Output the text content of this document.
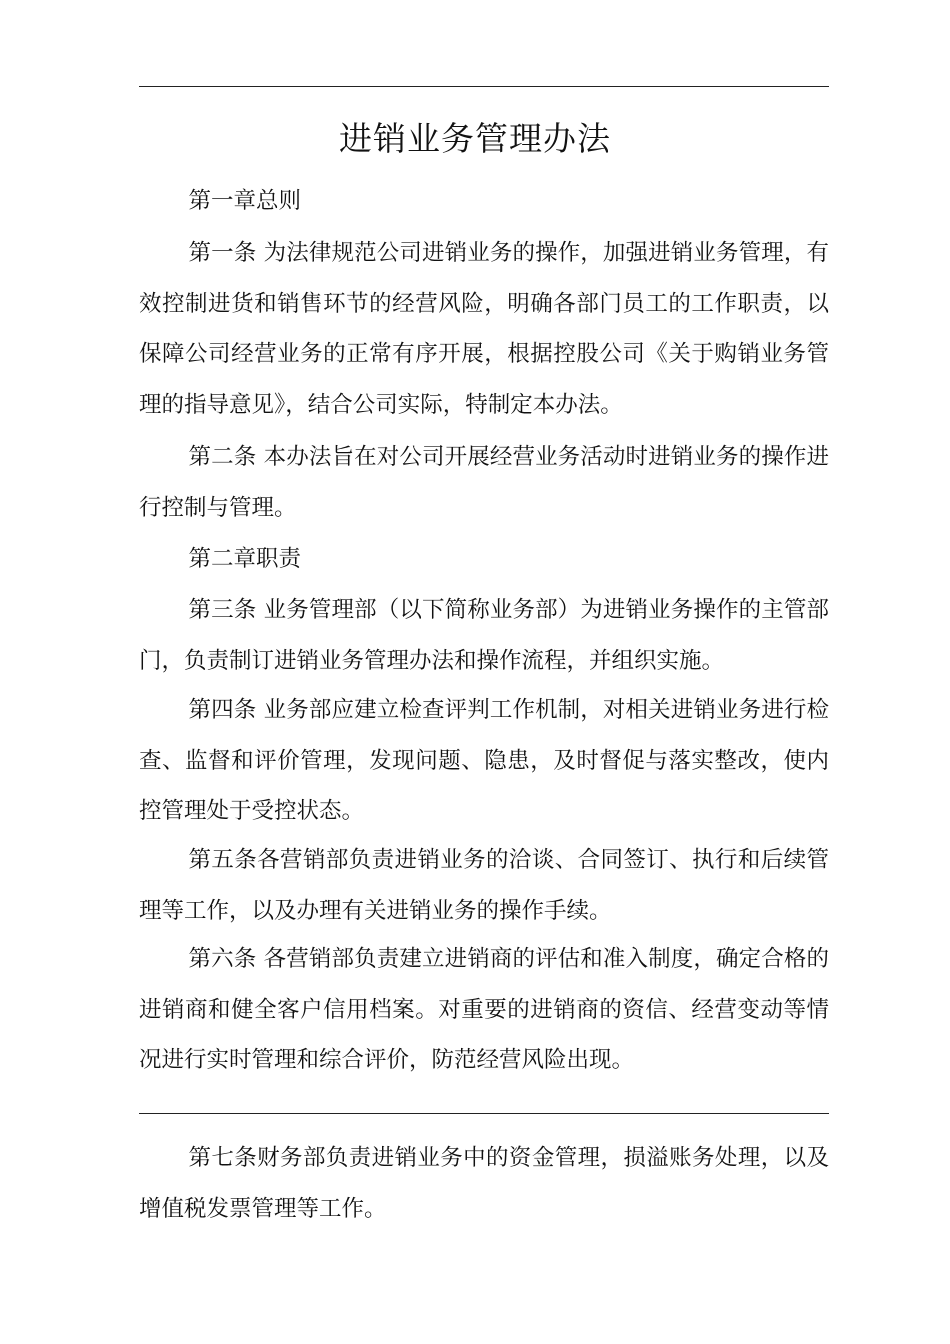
进销业务管理办法

第一章总则

第一条 为法律规范公司进销业务的操作，加强进销业务管理，有效控制进货和销售环节的经营风险，明确各部门员工的工作职责，以保障公司经营业务的正常有序开展，根据控股公司《关于购销业务管理的指导意见》，结合公司实际，特制定本办法。

第二条 本办法旨在对公司开展经营业务活动时进销业务的操作进行控制与管理。

第二章职责

第三条 业务管理部（以下简称业务部）为进销业务操作的主管部门，负责制订进销业务管理办法和操作流程，并组织实施。

第四条 业务部应建立检查评判工作机制，对相关进销业务进行检查、监督和评价管理，发现问题、隐患，及时督促与落实整改，使内控管理处于受控状态。

第五条各营销部负责进销业务的洽谈、合同签订、执行和后续管理等工作，以及办理有关进销业务的操作手续。

第六条 各营销部负责建立进销商的评估和准入制度，确定合格的进销商和健全客户信用档案。对重要的进销商的资信、经营变动等情况进行实时管理和综合评价，防范经营风险出现。

第七条财务部负责进销业务中的资金管理，损溢账务处理，以及增值税发票管理等工作。
